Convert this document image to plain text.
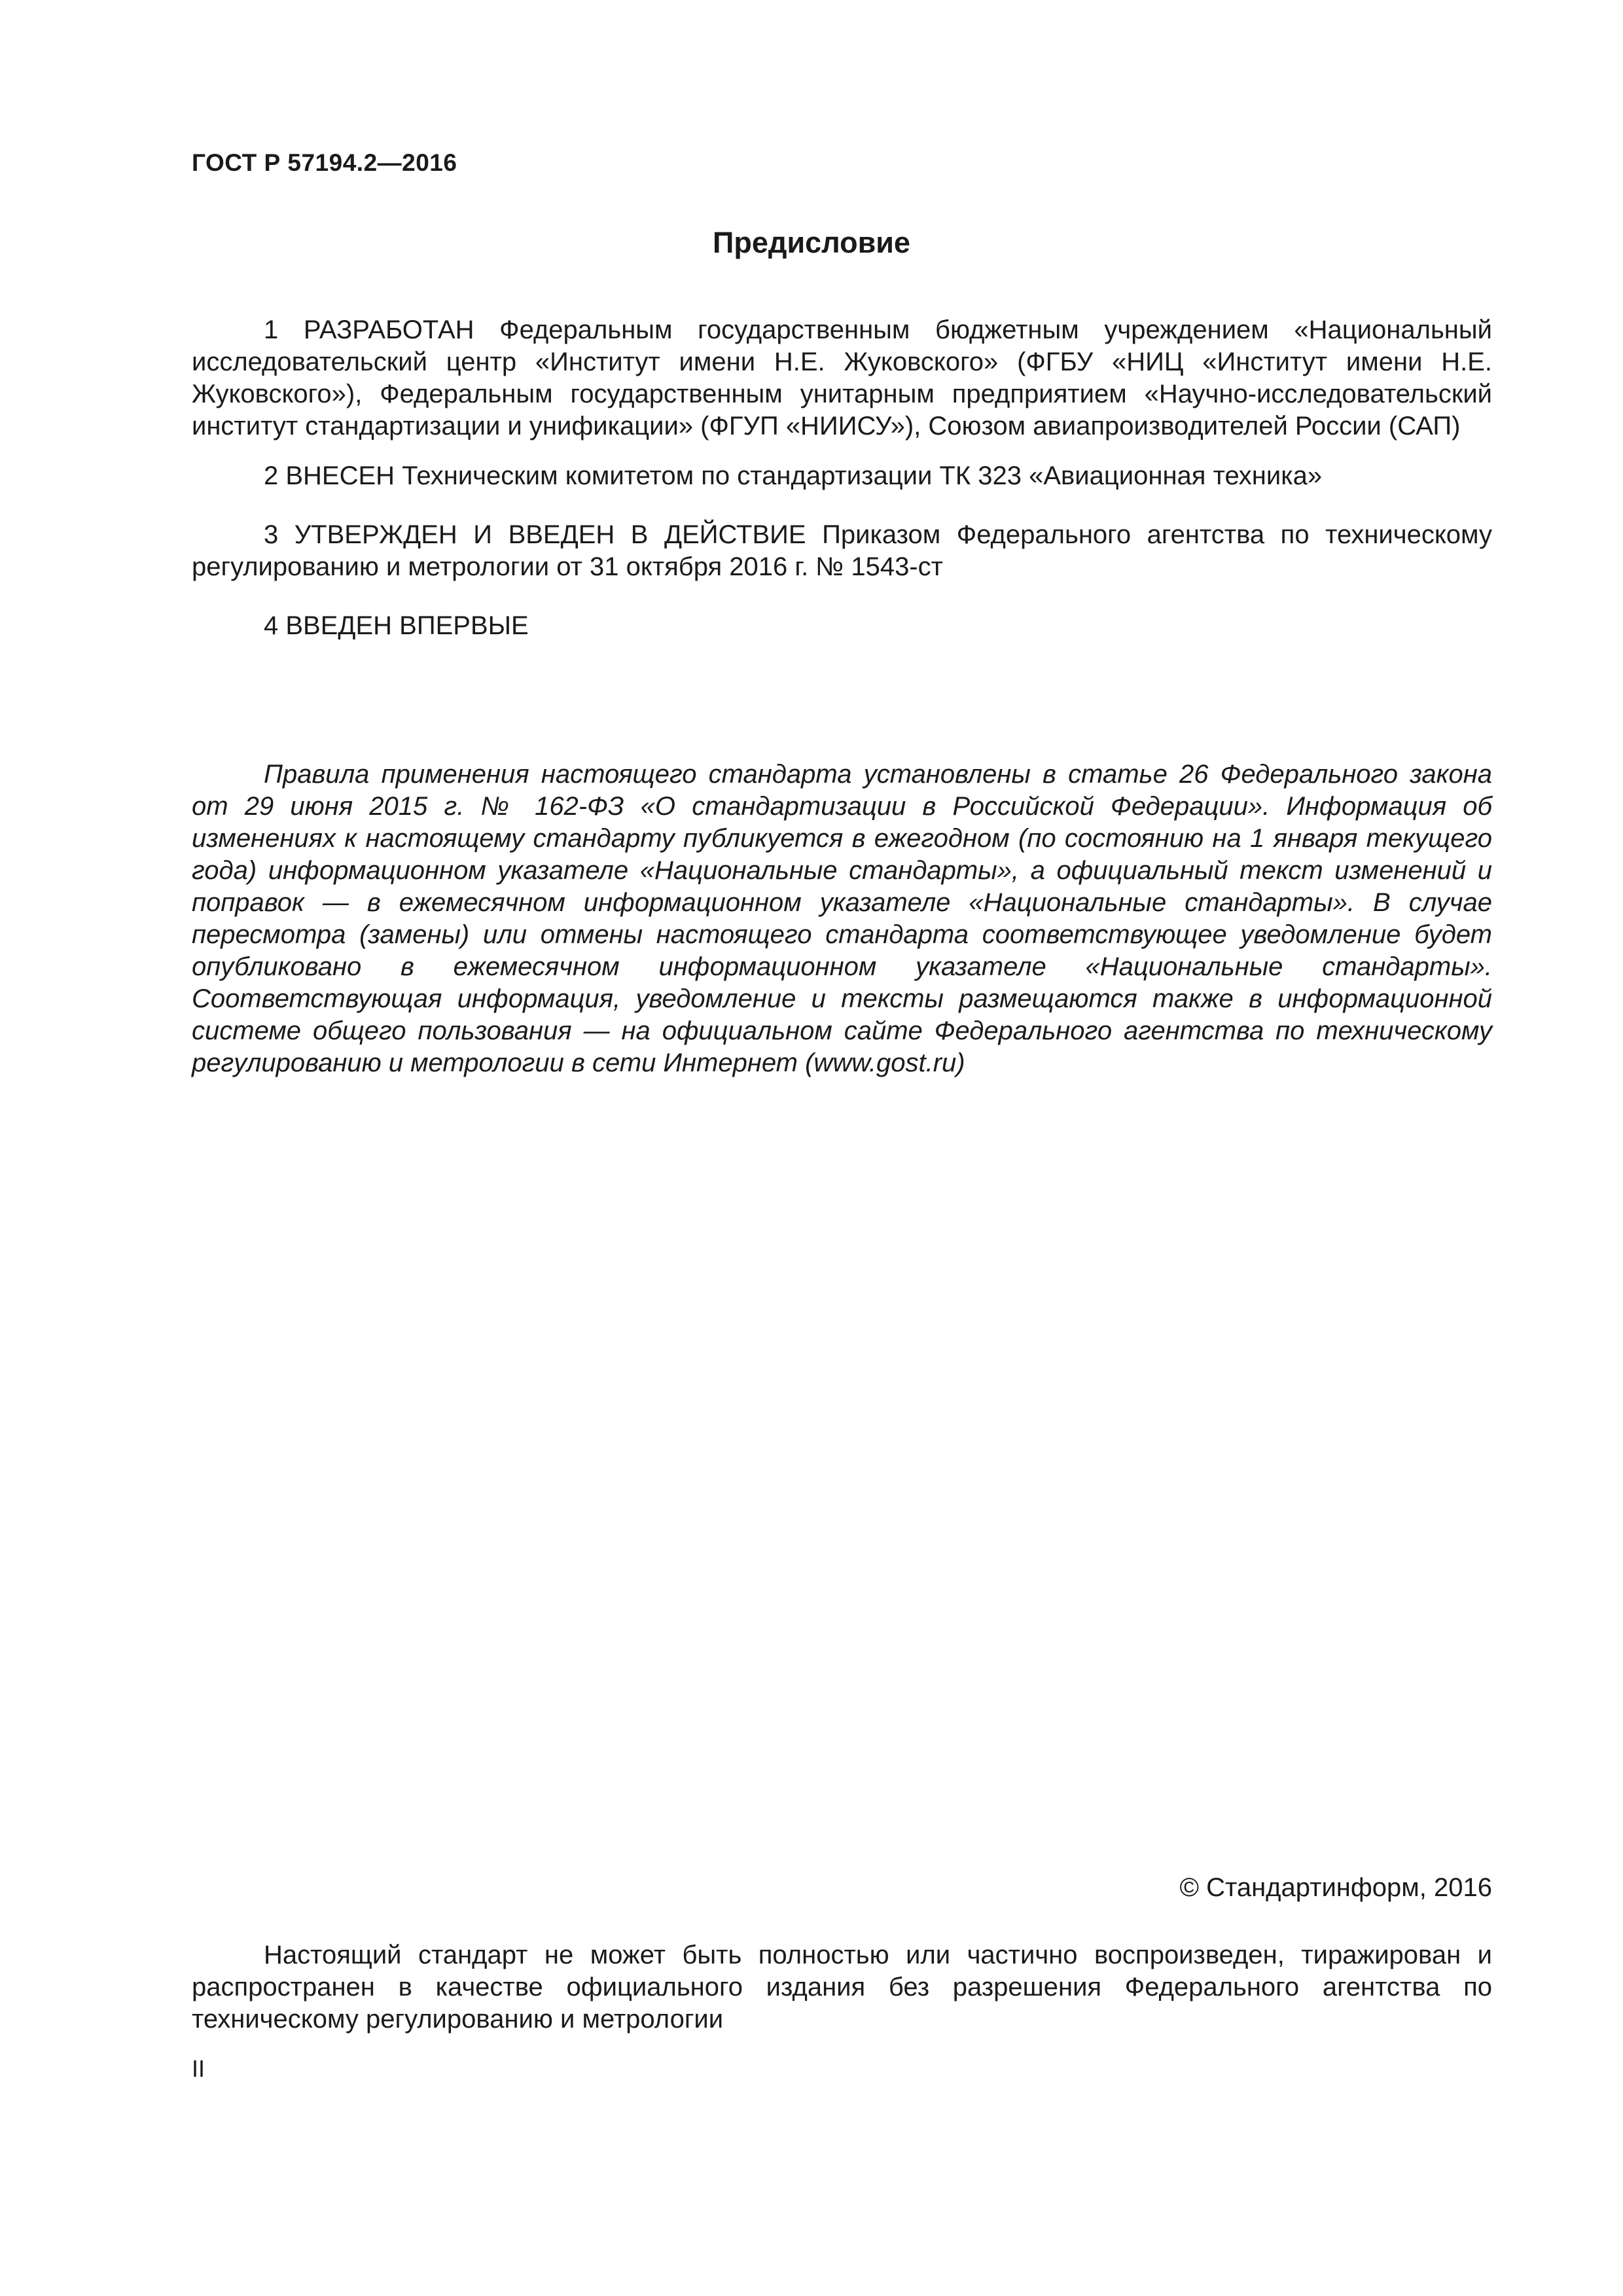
ГОСТ Р 57194.2—2016
Предисловие

1 РАЗРАБОТАН Федеральным государственным бюджетным учреждением «Национальный исследовательский центр «Институт имени Н.Е. Жуковского» (ФГБУ «НИЦ «Институт имени Н.Е. Жуковского»), Федеральным государственным унитарным предприятием «Научно-исследовательский институт стандартизации и унификации» (ФГУП «НИИСУ»), Союзом авиапроизводителей России (САП)

2 ВНЕСЕН Техническим комитетом по стандартизации ТК 323 «Авиационная техника»

3 УТВЕРЖДЕН И ВВЕДЕН В ДЕЙСТВИЕ Приказом Федерального агентства по техническому регулированию и метрологии от 31 октября 2016 г. № 1543-ст

4 ВВЕДЕН ВПЕРВЫЕ

Правила применения настоящего стандарта установлены в статье 26 Федерального закона от 29 июня 2015 г. № 162-ФЗ «О стандартизации в Российской Федерации». Информация об изменениях к настоящему стандарту публикуется в ежегодном (по состоянию на 1 января текущего года) информационном указателе «Национальные стандарты», а официальный текст изменений и поправок — в ежемесячном информационном указателе «Национальные стандарты». В случае пересмотра (замены) или отмены настоящего стандарта соответствующее уведомление будет опубликовано в ежемесячном информационном указателе «Национальные стандарты». Соответствующая информация, уведомление и тексты размещаются также в информационной системе общего пользования — на официальном сайте Федерального агентства по техническому регулированию и метрологии в сети Интернет (www.gost.ru)

© Стандартинформ, 2016

Настоящий стандарт не может быть полностью или частично воспроизведен, тиражирован и распространен в качестве официального издания без разрешения Федерального агентства по техническому регулированию и метрологии

II
